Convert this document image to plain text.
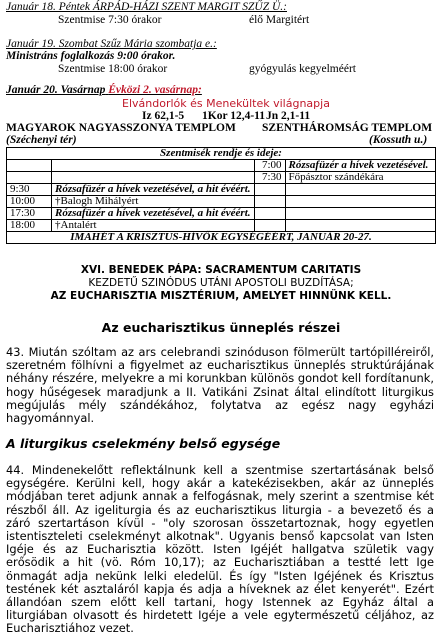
Január 18. Péntek ÁRPÁD-HÁZI SZENT MARGIT SZŰZ Ü.:
Szentmise 7:30 órakor	élő Margitért
Január 19. Szombat Szűz Mária szombatja e.:
Ministráns foglalkozás 9:00 órakor.
Szentmise 18:00 órakor	gyógyulás kegyelméért
Január 20. Vasárnap Évközi 2. vasárnap:
Elvándorlók és Menekültek világnapja
Iz 62,1-5 1Kor 12,4-11 Jn 2,1-11
MAGYAROK NAGYASSZONYA TEMPLOM SZENTHÁROMSÁG TEMPLOM
(Széchenyi tér)	(Kossuth u.)
Szentmisék rendje és ideje:			
		7:00	Rózsafüzér a hívek vezetésével.
		7:30	Főpásztor szándékára
9:30	Rózsafüzér a hívek vezetésével, a hit évéért.		
10:00	†Balogh Mihályért		
17:30	Rózsafüzér a hívek vezetésével, a hit évéért.		
18:00	†Antalért		
IMAHÉT A KRISZTUS-HÍVŐK EGYSÉGÉÉRT, JANUÁR 20-27.			
XVI. BENEDEK PÁPA: SACRAMENTUM CARITATIS
KEZDETŰ SZINÓDUS UTÁNI APOSTOLI BUZDÍTÁSA;
AZ EUCHARISZTIA MISZTÉRIUM, AMELYET HINNÜNK KELL.
Az eucharisztikus ünneplés részei
43. Miután szóltam az ars celebrandi szinóduson fölmerült tartópilléreiről, szeretném fölhívni a figyelmet az eucharisztikus ünneplés struktúrájának néhány részére, melyekre a mi korunkban különös gondot kell fordítanunk, hogy hűségesek maradjunk a II. Vatikáni Zsinat által elindított liturgikus megújulás mély szándékához, folytatva az egész nagy egyházi hagyománnyal.
A liturgikus cselekmény belső egysége
44. Mindenekelőtt reflektálnunk kell a szentmise szertartásának belső egységére. Kerülni kell, hogy akár a katekézisekben, akár az ünneplés módjában teret adjunk annak a felfogásnak, mely szerint a szentmise két részből áll. Az igeliturgia és az eucharisztikus liturgia - a bevezető és a záró szertartáson kívül - "oly szorosan összetartoznak, hogy egyetlen istentiszteleti cselekményt alkotnak". Ugyanis benső kapcsolat van Isten Igéje és az Eucharisztia között. Isten Igéjét hallgatva születik vagy erősödik a hit (vö. Róm 10,17); az Eucharisztiában a testté lett Ige önmagát adja nekünk lelki eledelül. És így "Isten Igéjének és Krisztus testének két asztaláról kapja és adja a híveknek az élet kenyerét". Ezért állandóan szem előtt kell tartani, hogy Istennek az Egyház által a liturgiában olvasott és hirdetett Igéje a vele egytermészetű céljához, az Eucharisztiához vezet.
